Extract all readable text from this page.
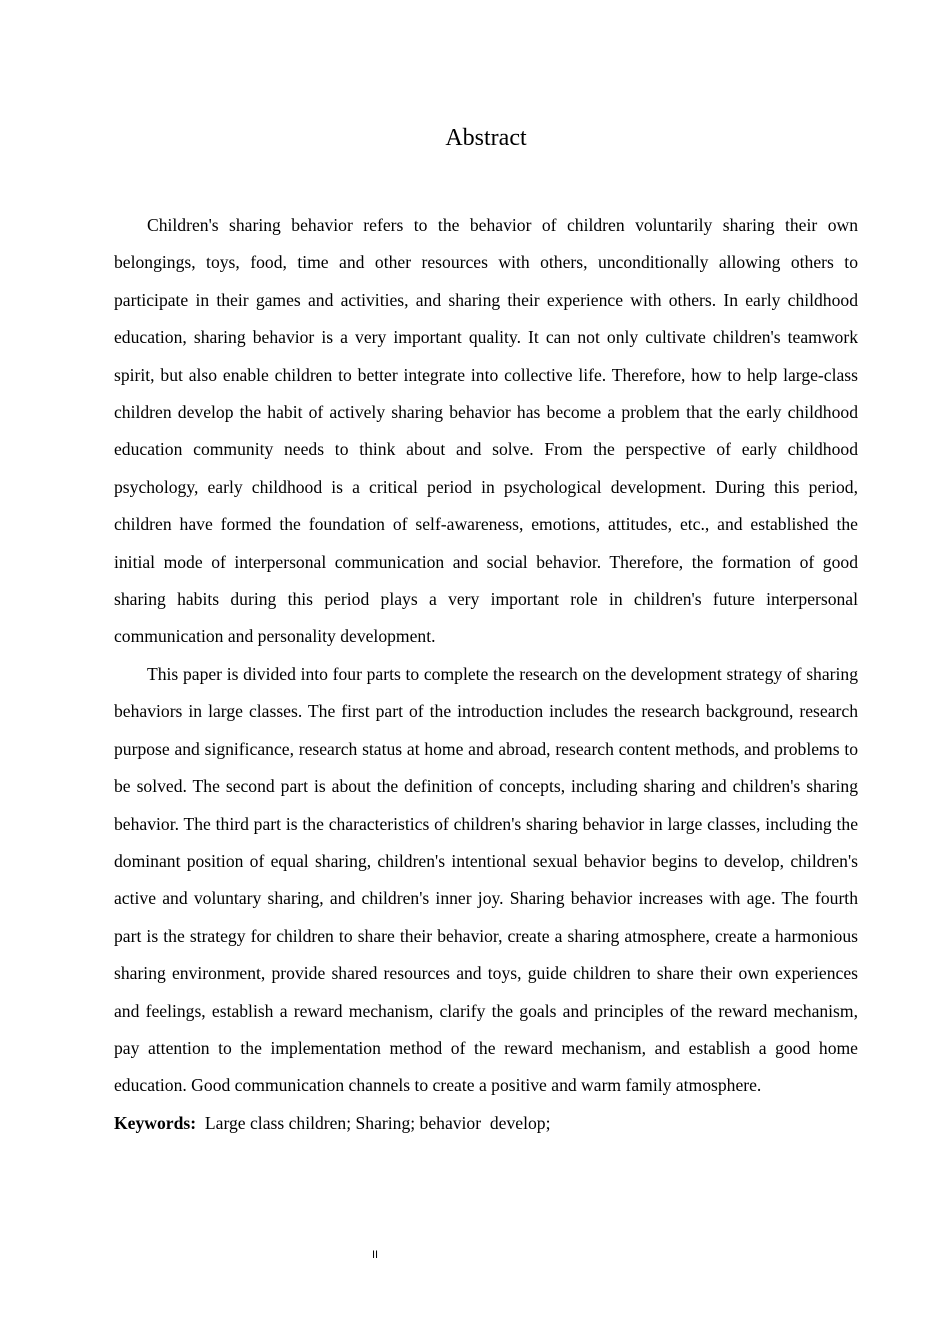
Abstract

Children's sharing behavior refers to the behavior of children voluntarily sharing their own belongings, toys, food, time and other resources with others, unconditionally allowing others to participate in their games and activities, and sharing their experience with others. In early childhood education, sharing behavior is a very important quality. It can not only cultivate children's teamwork spirit, but also enable children to better integrate into collective life. Therefore, how to help large-class children develop the habit of actively sharing behavior has become a problem that the early childhood education community needs to think about and solve. From the perspective of early childhood psychology, early childhood is a critical period in psychological development. During this period, children have formed the foundation of self-awareness, emotions, attitudes, etc., and established the initial mode of interpersonal communication and social behavior. Therefore, the formation of good sharing habits during this period plays a very important role in children's future interpersonal communication and personality development.

This paper is divided into four parts to complete the research on the development strategy of sharing behaviors in large classes. The first part of the introduction includes the research background, research purpose and significance, research status at home and abroad, research content methods, and problems to be solved. The second part is about the definition of concepts, including sharing and children's sharing behavior. The third part is the characteristics of children's sharing behavior in large classes, including the dominant position of equal sharing, children's intentional sexual behavior begins to develop, children's active and voluntary sharing, and children's inner joy. Sharing behavior increases with age. The fourth part is the strategy for children to share their behavior, create a sharing atmosphere, create a harmonious sharing environment, provide shared resources and toys, guide children to share their own experiences and feelings, establish a reward mechanism, clarify the goals and principles of the reward mechanism, pay attention to the implementation method of the reward mechanism, and establish a good home education. Good communication channels to create a positive and warm family atmosphere.

Keywords:  Large class children; Sharing; behavior  develop;

II
